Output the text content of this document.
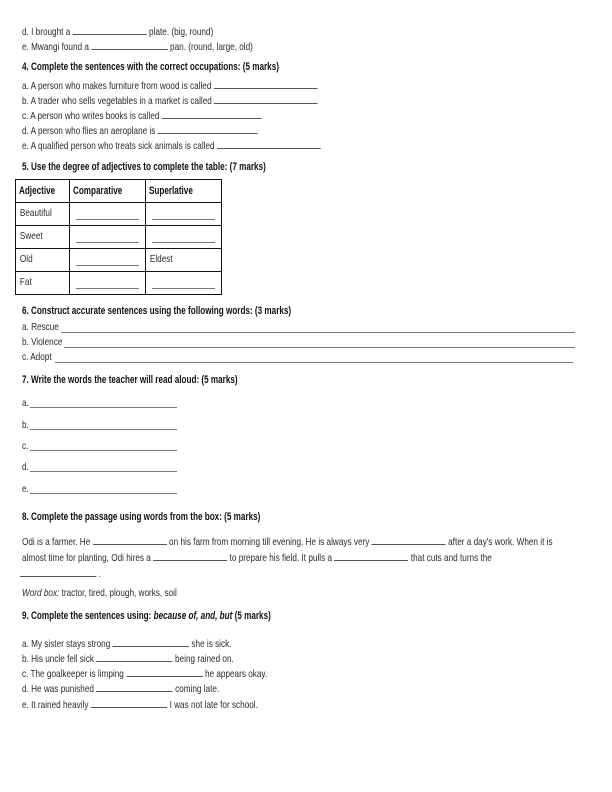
d. I brought a	plate. (big, round)
e. Mwangi found a	pan. (round, large, old)
4. Complete the sentences with the correct occupations: (5 marks)
a. A person who makes furniture from wood is called
b. A trader who sells vegetables in a market is called
c. A person who writes books is called
d. A person who flies an aeroplane is
e. A qualified person who treats sick animals is called
5. Use the degree of adjectives to complete the table: (7 marks)
Adjective	Comparative	Superlative

Beautiful		

Sweet		

Old		Eldest

Fat		

6. Construct accurate sentences using the following words: (3 marks)
a. Rescue
b. Violence
c. Adopt
7. Write the words the teacher will read aloud: (5 marks)
a.
b.
c.
d.
e.
8. Complete the passage using words from the box: (5 marks)
Odi is a farmer. He	on his farm from morning till evening. He is always very	after a day's work. When it is
almost time for planting, Odi hires a	to prepare his field. It pulls a	that cuts and turns the
.
Word box: tractor, tired, plough, works, soil
9. Complete the sentences using: because of, and, but (5 marks)
a. My sister stays strong	she is sick.
b. His uncle fell sick	being rained on.
c. The goalkeeper is limping	he appears okay.
d. He was punished	coming late.
e. It rained heavily	I was not late for school.
